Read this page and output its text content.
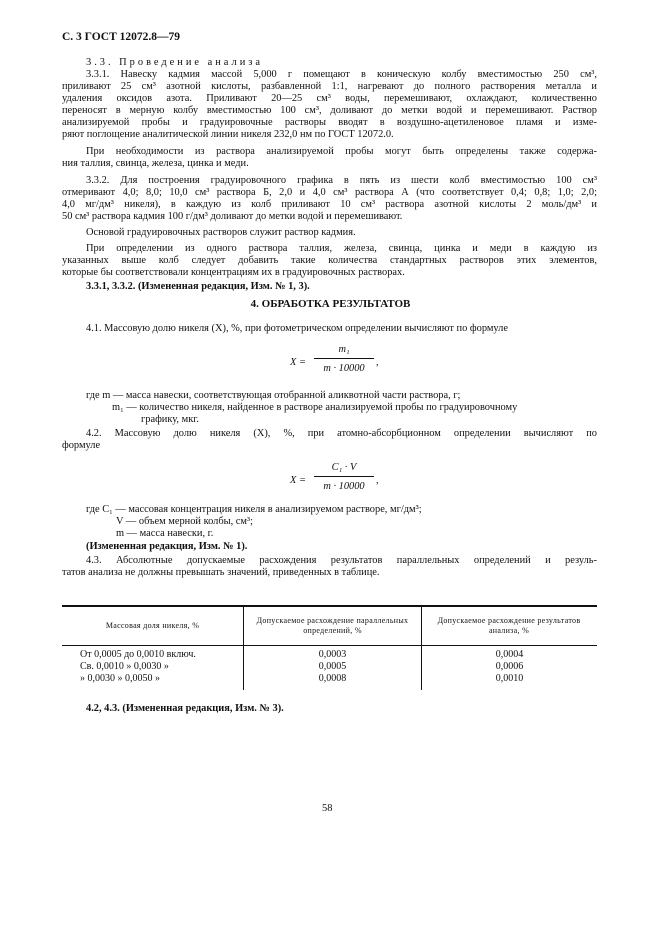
С. 3 ГОСТ 12072.8—79
3.3. Проведение анализа
3.3.1. Навеску кадмия массой 5,000 г помещают в коническую колбу вместимостью 250 см³,
приливают 25 см³ азотной кислоты, разбавленной 1:1, нагревают до полного растворения металла и
удаления оксидов азота. Приливают 20—25 см³ воды, перемешивают, охлаждают, количественно
переносят в мерную колбу вместимостью 100 см³, доливают до метки водой и перемешивают. Раствор
анализируемой пробы и градуировочные растворы вводят в воздушно-ацетиленовое пламя и изме-
ряют поглощение аналитической линии никеля 232,0 нм по ГОСТ 12072.0.
При необходимости из раствора анализируемой пробы могут быть определены также содержа-
ния таллия, свинца, железа, цинка и меди.
3.3.2. Для построения градуировочного графика в пять из шести колб вместимостью 100 см³
отмеривают 4,0; 8,0; 10,0 см³ раствора Б, 2,0 и 4,0 см³ раствора А (что соответствует 0,4; 0,8; 1,0; 2,0;
4,0 мг/дм³ никеля), в каждую из колб приливают 10 см³ раствора азотной кислоты 2 моль/дм³ и
50 см³ раствора кадмия 100 г/дм³ доливают до метки водой и перемешивают.
Основой градуировочных растворов служит раствор кадмия.
При определении из одного раствора таллия, железа, свинца, цинка и меди в каждую из
указанных выше колб следует добавить такие количества стандартных растворов этих элементов,
которые бы соответствовали концентрациям их в градуировочных растворах.
3.3.1, 3.3.2. (Измененная редакция, Изм. № 1, 3).
4. ОБРАБОТКА РЕЗУЛЬТАТОВ
4.1. Массовую долю никеля (X), %, при фотометрическом определении вычисляют по формуле
X =
m₁
m · 10000
,
где m — масса навески, соответствующая отобранной аликвотной части раствора, г;
m₁ — количество никеля, найденное в растворе анализируемой пробы по градуировочному
графику, мкг.
4.2. Массовую долю никеля (X), %, при атомно-абсорбционном определении вычисляют по
формуле
X =
C₁ · V
m · 10000
,
где C₁ — массовая концентрация никеля в анализируемом растворе, мг/дм³;
V — объем мерной колбы, см³;
m — масса навески, г.
(Измененная редакция, Изм. № 1).
4.3. Абсолютные допускаемые расхождения результатов параллельных определений и резуль-
татов анализа не должны превышать значений, приведенных в таблице.
Массовая доля никеля, %
Допускаемое расхождение параллельных определений, %
Допускаемое расхождение результатов анализа, %
От 0,0005 до 0,0010 включ.	0,0003	0,0004
Св. 0,0010 » 0,0030 »	0,0005	0,0006
» 0,0030 » 0,0050 »	0,0008	0,0010
4.2, 4.3. (Измененная редакция, Изм. № 3).
58
